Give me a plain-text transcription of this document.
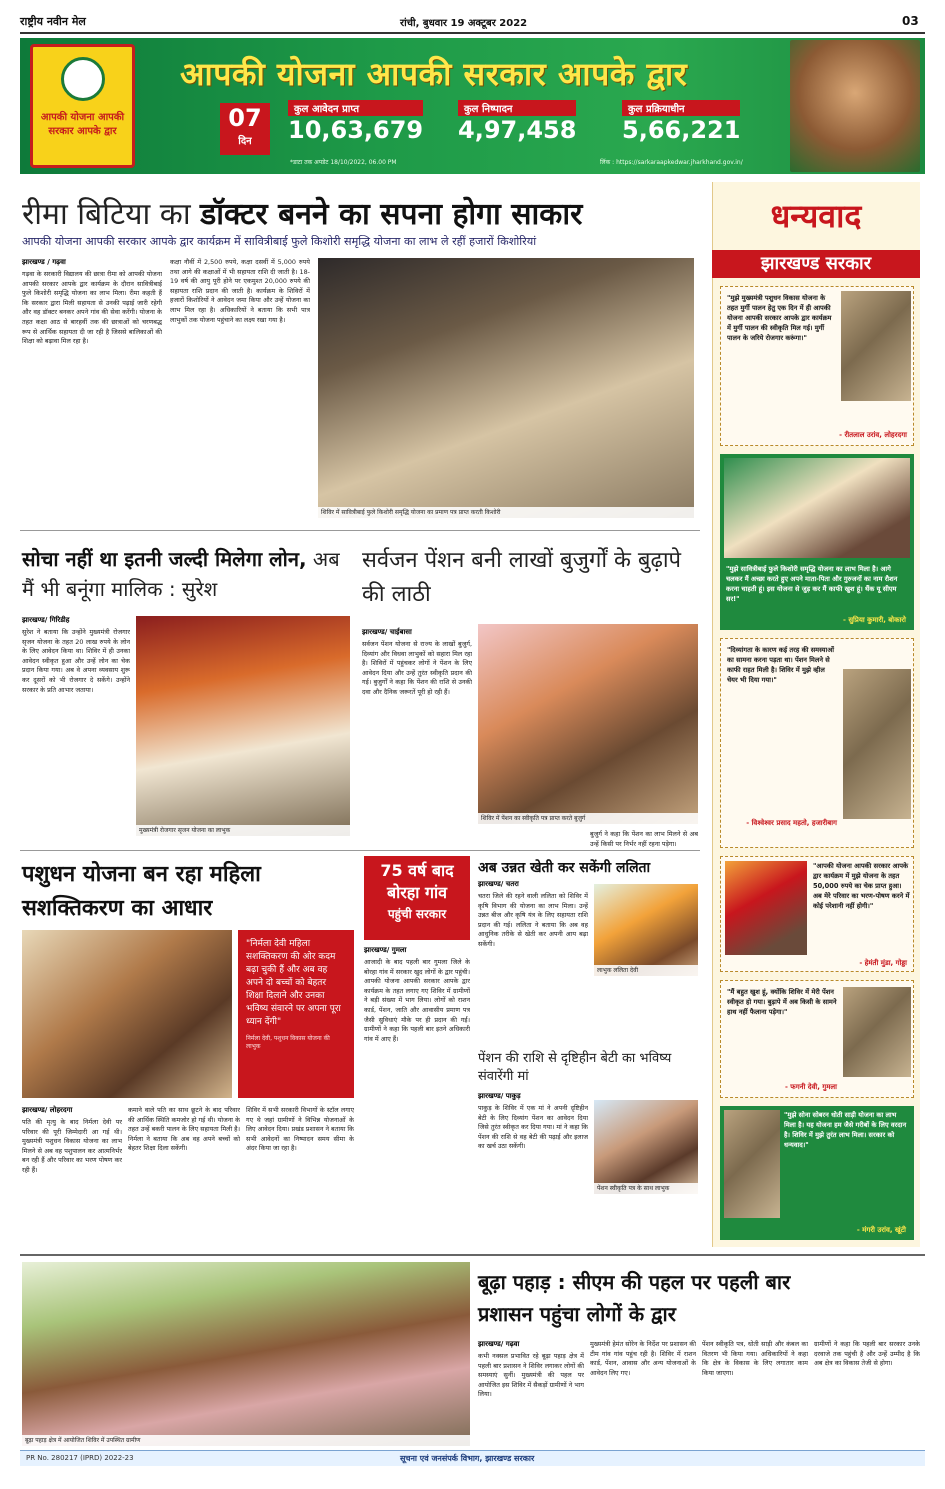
राष्ट्रीय नवीन मेल	रांची, बुधवार 19 अक्टूबर 2022	03
आपकी योजना आपकी सरकार आपके द्वार
आपकी योजना आपकी सरकार आपके द्वार
07
दिन
कुल आवेदन प्राप्त
10,63,679
कुल निष्पादन
4,97,458
कुल प्रक्रियाधीन
5,66,221
*डाटा तक अपडेट 18/10/2022, 06.00 PM	लिंक : https://sarkaraapkedwar.jharkhand.gov.in/
रीमा बिटिया का डॉक्टर बनने का सपना होगा साकार
आपकी योजना आपकी सरकार आपके द्वार कार्यक्रम में सावित्रीबाई फुले किशोरी समृद्धि योजना का लाभ ले रहीं हजारों किशोरियां
झारखण्ड / गढ़वा
गढ़वा के सरकारी विद्यालय की छात्रा रीमा को आपकी योजना आपकी सरकार आपके द्वार कार्यक्रम के दौरान सावित्रीबाई फुले किशोरी समृद्धि योजना का लाभ मिला। रीमा कहती हैं कि सरकार द्वारा मिली सहायता से उनकी पढ़ाई जारी रहेगी और वह डॉक्टर बनकर अपने गांव की सेवा करेंगी। योजना के तहत कक्षा आठ से बारहवीं तक की छात्राओं को चरणबद्ध रूप से आर्थिक सहायता दी जा रही है जिससे बालिकाओं की शिक्षा को बढ़ावा मिल रहा है।
कक्षा नौवीं में 2,500 रुपये, कक्षा दसवीं में 5,000 रुपये तथा आगे की कक्षाओं में भी सहायता राशि दी जाती है। 18-19 वर्ष की आयु पूरी होने पर एकमुश्त 20,000 रुपये की सहायता राशि प्रदान की जाती है। कार्यक्रम के शिविरों में हजारों किशोरियों ने आवेदन जमा किया और उन्हें योजना का लाभ मिल रहा है। अधिकारियों ने बताया कि सभी पात्र लाभुकों तक योजना पहुंचाने का लक्ष्य रखा गया है।
शिविर में सावित्रीबाई फुले किशोरी समृद्धि योजना का प्रमाण पत्र प्राप्त करती किशोरी
सोचा नहीं था इतनी जल्दी मिलेगा लोन, अब मैं भी बनूंगा मालिक : सुरेश
झारखण्ड/ गिरिडीह
सुरेश ने बताया कि उन्होंने मुख्यमंत्री रोजगार सृजन योजना के तहत 20 लाख रुपये के लोन के लिए आवेदन किया था। शिविर में ही उनका आवेदन स्वीकृत हुआ और उन्हें लोन का चेक प्रदान किया गया। अब वे अपना व्यवसाय शुरू कर दूसरों को भी रोजगार दे सकेंगे। उन्होंने सरकार के प्रति आभार जताया।
मुख्यमंत्री रोजगार सृजन योजना का लाभुक
सर्वजन पेंशन बनी लाखों बुजुर्गों के बुढ़ापे की लाठी
झारखण्ड/ चाईबासा
सर्वजन पेंशन योजना से राज्य के लाखों बुजुर्ग, दिव्यांग और विधवा लाभुकों को सहारा मिल रहा है। शिविरों में पहुंचकर लोगों ने पेंशन के लिए आवेदन दिया और उन्हें तुरंत स्वीकृति प्रदान की गई। बुजुर्गों ने कहा कि पेंशन की राशि से उनकी दवा और दैनिक जरूरतें पूरी हो रही हैं।
शिविर में पेंशन का स्वीकृति पत्र प्राप्त करते बुजुर्ग
बुजुर्ग ने कहा कि पेंशन का लाभ मिलने से अब उन्हें किसी पर निर्भर नहीं रहना पड़ेगा।
पशुधन योजना बन रहा महिला सशक्तिकरण का आधार
"निर्मला देवी महिला सशक्तिकरण की ओर कदम बढ़ा चुकी हैं और अब वह अपने दो बच्चों को बेहतर शिक्षा दिलाने और उनका भविष्य संवारने पर अपना पूरा ध्यान देंगी"
निर्मला देवी, पशुधन विकास योजना की लाभुक
झारखण्ड/ लोहरदगा
पति की मृत्यु के बाद निर्मला देवी पर परिवार की पूरी जिम्मेदारी आ गई थी। मुख्यमंत्री पशुधन विकास योजना का लाभ मिलने से अब वह पशुपालन कर आत्मनिर्भर बन रही हैं और परिवार का भरण पोषण कर रही हैं।
कमाने वाले पति का साथ छूटने के बाद परिवार की आर्थिक स्थिति कमजोर हो गई थी। योजना के तहत उन्हें बकरी पालन के लिए सहायता मिली है। निर्मला ने बताया कि अब वह अपने बच्चों को बेहतर शिक्षा दिला सकेंगी।
शिविर में सभी सरकारी विभागों के स्टॉल लगाए गए थे जहां ग्रामीणों ने विभिन्न योजनाओं के लिए आवेदन दिया। प्रखंड प्रशासन ने बताया कि सभी आवेदनों का निष्पादन समय सीमा के अंदर किया जा रहा है।
75 वर्ष बाद
बोरहा गांव
पहुंची सरकार
झारखण्ड/ गुमला
आजादी के बाद पहली बार गुमला जिले के बोरहा गांव में सरकार खुद लोगों के द्वार पहुंची। आपकी योजना आपकी सरकार आपके द्वार कार्यक्रम के तहत लगाए गए शिविर में ग्रामीणों ने बड़ी संख्या में भाग लिया। लोगों को राशन कार्ड, पेंशन, जाति और आवासीय प्रमाण पत्र जैसी सुविधाएं मौके पर ही प्रदान की गईं। ग्रामीणों ने कहा कि पहली बार इतने अधिकारी गांव में आए हैं।
अब उन्नत खेती कर सकेंगी ललिता
झारखण्ड/ चतरा
चतरा जिले की रहने वाली ललिता को शिविर में कृषि विभाग की योजना का लाभ मिला। उन्हें उन्नत बीज और कृषि यंत्र के लिए सहायता राशि प्रदान की गई। ललिता ने बताया कि अब वह आधुनिक तरीके से खेती कर अपनी आय बढ़ा सकेंगी।
लाभुक ललिता देवी
पेंशन की राशि से दृष्टिहीन बेटी का भविष्य संवारेंगी मां
झारखण्ड/ पाकुड़
पाकुड़ के शिविर में एक मां ने अपनी दृष्टिहीन बेटी के लिए दिव्यांग पेंशन का आवेदन दिया जिसे तुरंत स्वीकृत कर दिया गया। मां ने कहा कि पेंशन की राशि से वह बेटी की पढ़ाई और इलाज का खर्च उठा सकेंगी।
पेंशन स्वीकृति पत्र के साथ लाभुक
धन्यवाद
झारखण्ड सरकार
"मुझे मुख्यमंत्री पशुधन विकास योजना के तहत मुर्गी पालन हेतु एक दिन में ही आपकी योजना आपकी सरकार आपके द्वार कार्यक्रम में मुर्गी पालन की स्वीकृति मिल गई। मुर्गी पालन के जरिये रोजगार करूंगा।"
- रीतलाल उरांव, लोहरदगा
"मुझे सावित्रीबाई फुले किशोरी समृद्धि योजना का लाभ मिला है। आगे चलकर मैं अच्छा करते हुए अपने माता-पिता और गुरुजनों का नाम रौशन करना चाहती हूं। इस योजना से जुड़ कर मैं काफी खुश हूं। थैंक यू सीएम सर!"
- सुप्रिया कुमारी, बोकारो
"दिव्यांगता के कारण कई तरह की समस्याओं का सामना करना पड़ता था। पेंशन मिलने से काफी राहत मिली है। शिविर में मुझे व्हील चेयर भी दिया गया।"
- विश्वेश्वर प्रसाद महतो, हजारीबाग
"आपकी योजना आपकी सरकार आपके द्वार कार्यक्रम में मुझे योजना के तहत 50,000 रुपये का चेक प्राप्त हुआ। अब मेरे परिवार का भरण-पोषण करने में कोई परेशानी नहीं होगी।"
- हेमंती मुंडा, गोड्डा
"मैं बहुत खुश हूं, क्योंकि शिविर में मेरी पेंशन स्वीकृत हो गया। बुढ़ापे में अब किसी के सामने हाथ नहीं फैलाना पड़ेगा।"
- फगनी देवी, गुमला
"मुझे सोना सोबरन धोती साड़ी योजना का लाभ मिला है। यह योजना हम जैसे गरीबों के लिए वरदान है। शिविर में मुझे तुरंत लाभ मिला। सरकार को धन्यवाद।"
- मंगरी उरांव, खूंटी
बूढ़ा पहाड़ क्षेत्र में आयोजित शिविर में उपस्थित ग्रामीण
बूढ़ा पहाड़ : सीएम की पहल पर पहली बार
प्रशासन पहुंचा लोगों के द्वार
झारखण्ड/ गढ़वा
कभी नक्सल प्रभावित रहे बूढ़ा पहाड़ क्षेत्र में पहली बार प्रशासन ने शिविर लगाकर लोगों की समस्याएं सुनीं। मुख्यमंत्री की पहल पर आयोजित इस शिविर में सैकड़ों ग्रामीणों ने भाग लिया।
मुख्यमंत्री हेमंत सोरेन के निर्देश पर प्रशासन की टीम गांव गांव पहुंच रही है। शिविर में राशन कार्ड, पेंशन, आवास और अन्य योजनाओं के आवेदन लिए गए।
पेंशन स्वीकृति पत्र, धोती साड़ी और कंबल का वितरण भी किया गया। अधिकारियों ने कहा कि क्षेत्र के विकास के लिए लगातार काम किया जाएगा।
ग्रामीणों ने कहा कि पहली बार सरकार उनके दरवाजे तक पहुंची है और उन्हें उम्मीद है कि अब क्षेत्र का विकास तेजी से होगा।
PR No. 280217 (IPRD) 2022-23	सूचना एवं जनसंपर्क विभाग, झारखण्ड सरकार
